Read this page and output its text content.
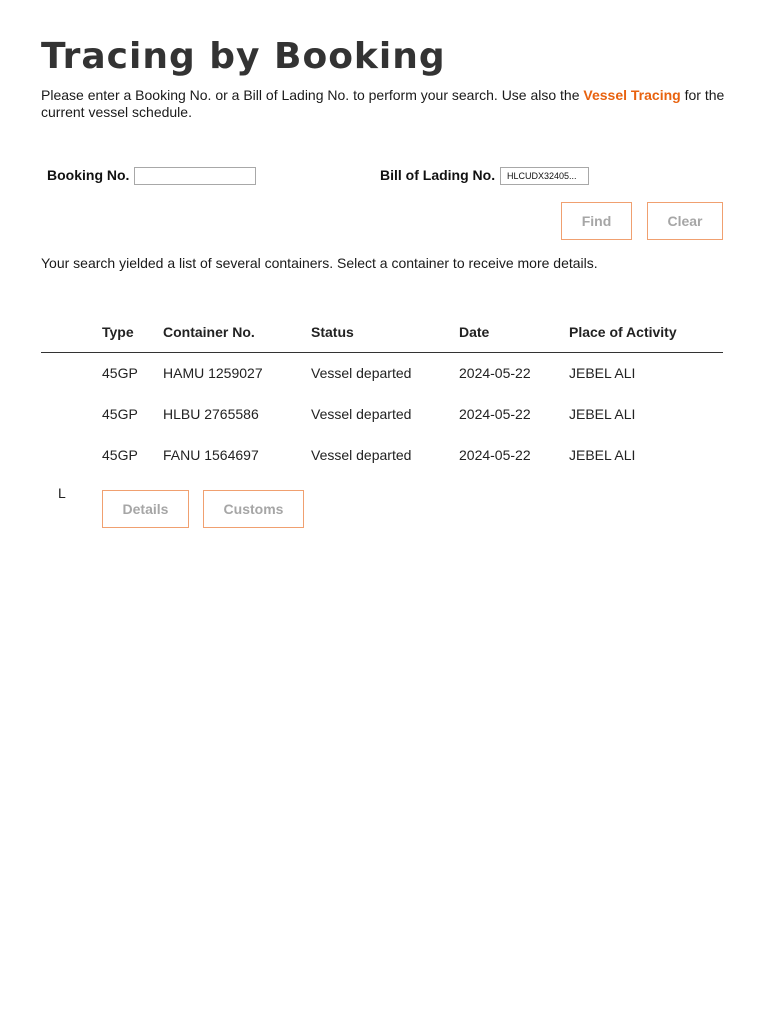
Tracing by Booking
Please enter a Booking No. or a Bill of Lading No. to perform your search. Use also the Vessel Tracing for the current vessel schedule.
Booking No.	Bill of Lading No.	HLCUDX32405...
Find	Clear
Your search yielded a list of several containers. Select a container to receive more details.
Type Container No.	Status	Date	Place of Activity
45GP HAMU 1259027	Vessel departed	2024-05-22	JEBEL ALI
45GP HLBU 2765586	Vessel departed	2024-05-22	JEBEL ALI
45GP FANU 1564697	Vessel departed	2024-05-22	JEBEL ALI
L
Details	Customs
